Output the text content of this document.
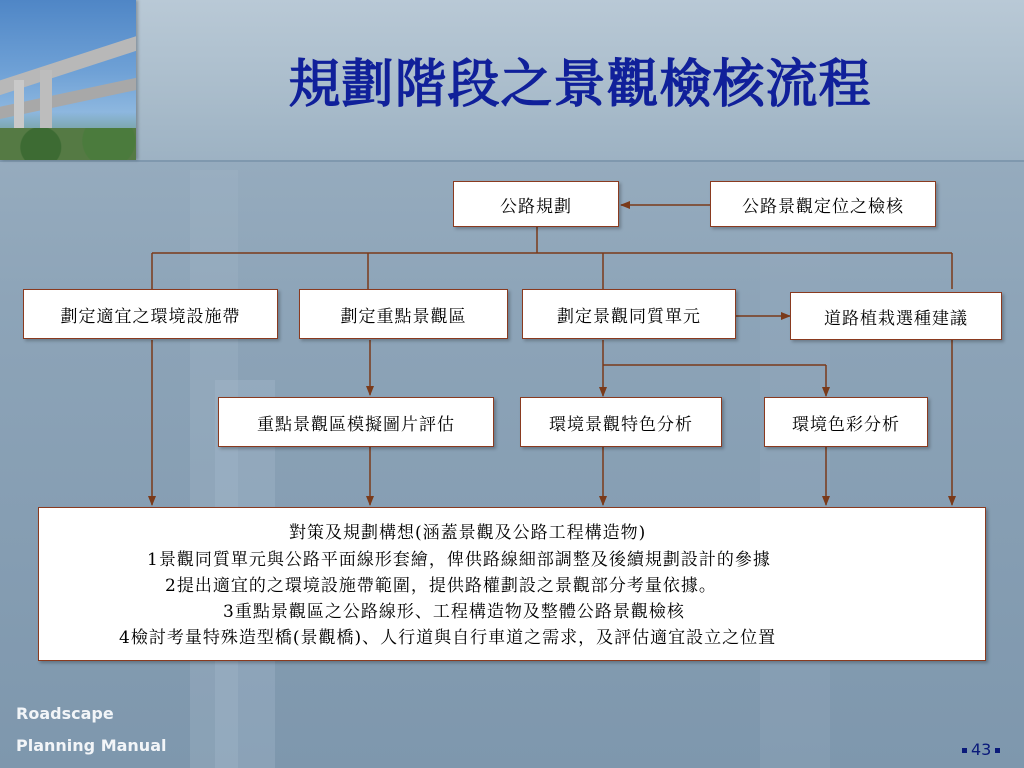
規劃階段之景觀檢核流程
公路規劃	公路景觀定位之檢核
劃定適宜之環境設施帶	劃定重點景觀區	劃定景觀同質單元	道路植栽選種建議
重點景觀區模擬圖片評估	環境景觀特色分析	環境色彩分析
對策及規劃構想(涵蓋景觀及公路工程構造物)
1景觀同質單元與公路平面線形套繪，俾供路線細部調整及後續規劃設計的參據
2提出適宜的之環境設施帶範圍，提供路權劃設之景觀部分考量依據。
3重點景觀區之公路線形、工程構造物及整體公路景觀檢核
4檢討考量特殊造型橋(景觀橋)、人行道與自行車道之需求，及評估適宜設立之位置
Roadscape
Planning Manual	43
